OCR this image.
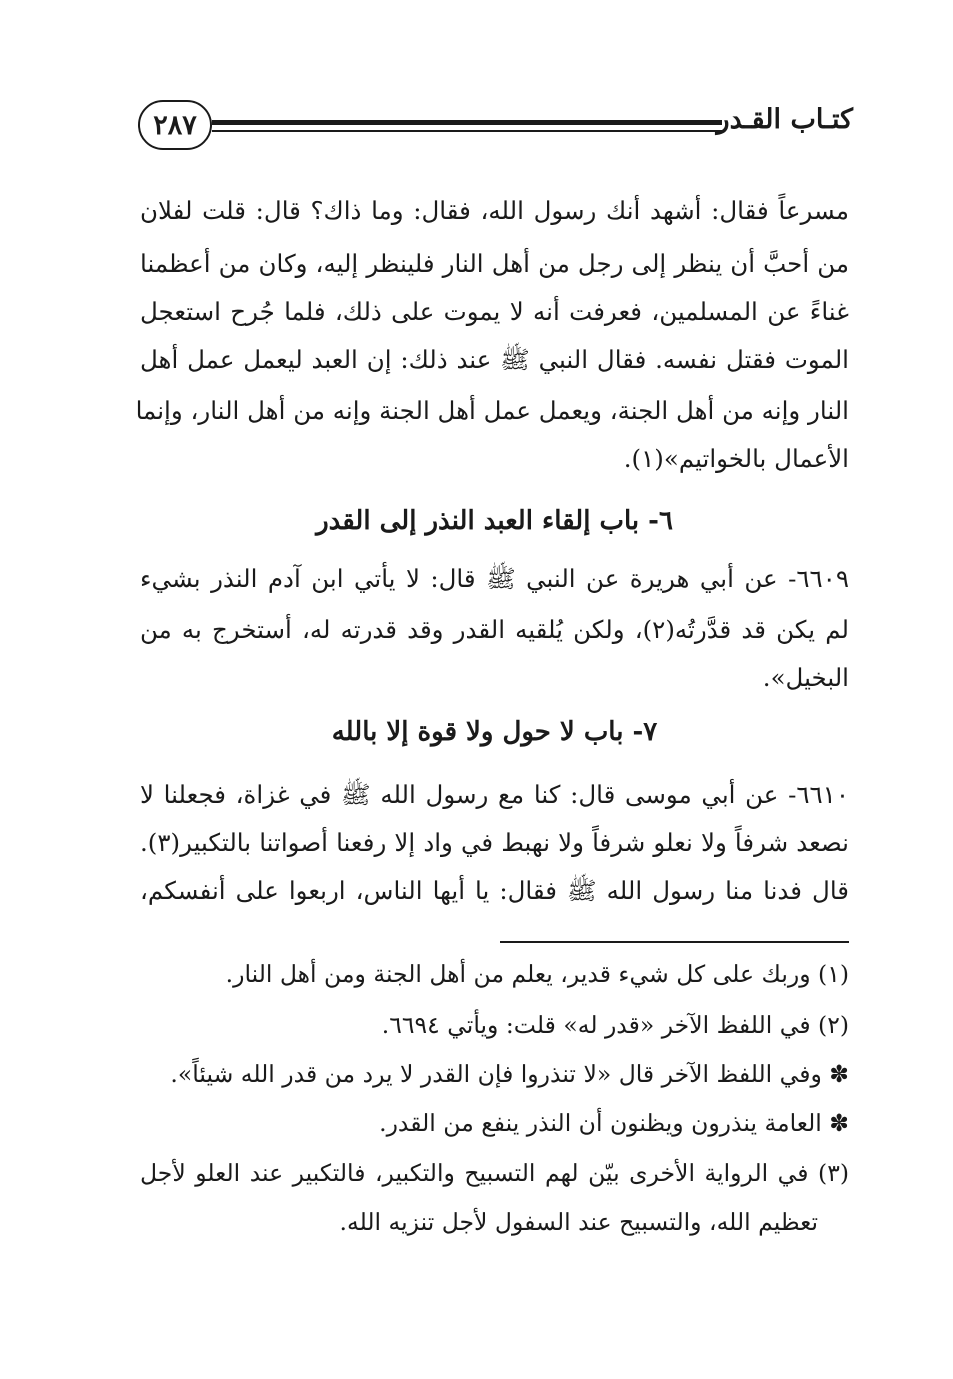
٢٨٧	كتـاب القـدر
مسرعاً فقال: أشهد أنك رسول الله، فقال: وما ذاك؟ قال: قلت لفلان
من أحبَّ أن ينظر إلى رجل من أهل النار فلينظر إليه، وكان من أعظمنا
غناءً عن المسلمين، فعرفت أنه لا يموت على ذلك، فلما جُرح استعجل
الموت فقتل نفسه. فقال النبي ﷺ عند ذلك: إن العبد ليعمل عمل أهل
النار وإنه من أهل الجنة، ويعمل عمل أهل الجنة وإنه من أهل النار، وإنما
الأعمال بالخواتيم»(١).
٦- باب إلقاء العبد النذر إلى القدر
٦٦٠٩- عن أبي هريرة عن النبي ﷺ قال: لا يأتي ابن آدم النذر بشيء
لم يكن قد قدَّرتُه(٢)، ولكن يُلقيه القدر وقد قدرته له، أستخرج به من
البخيل».
٧- باب لا حول ولا قوة إلا بالله
٦٦١٠- عن أبي موسى قال: كنا مع رسول الله ﷺ في غزاة، فجعلنا لا
نصعد شرفاً ولا نعلو شرفاً ولا نهبط في واد إلا رفعنا أصواتنا بالتكبير(٣).
قال فدنا منا رسول الله ﷺ فقال: يا أيها الناس، اربعوا على أنفسكم،
(١) وربك على كل شيء قدير، يعلم من أهل الجنة ومن أهل النار.
(٢) في اللفظ الآخر «قدر له» قلت: ويأتي ٦٦٩٤.
✽ وفي اللفظ الآخر قال «لا تنذروا فإن القدر لا يرد من قدر الله شيئاً».
✽ العامة ينذرون ويظنون أن النذر ينفع من القدر.
(٣) في الرواية الأخرى بيّن لهم التسبيح والتكبير، فالتكبير عند العلو لأجل
تعظيم الله، والتسبيح عند السفول لأجل تنزيه الله.
